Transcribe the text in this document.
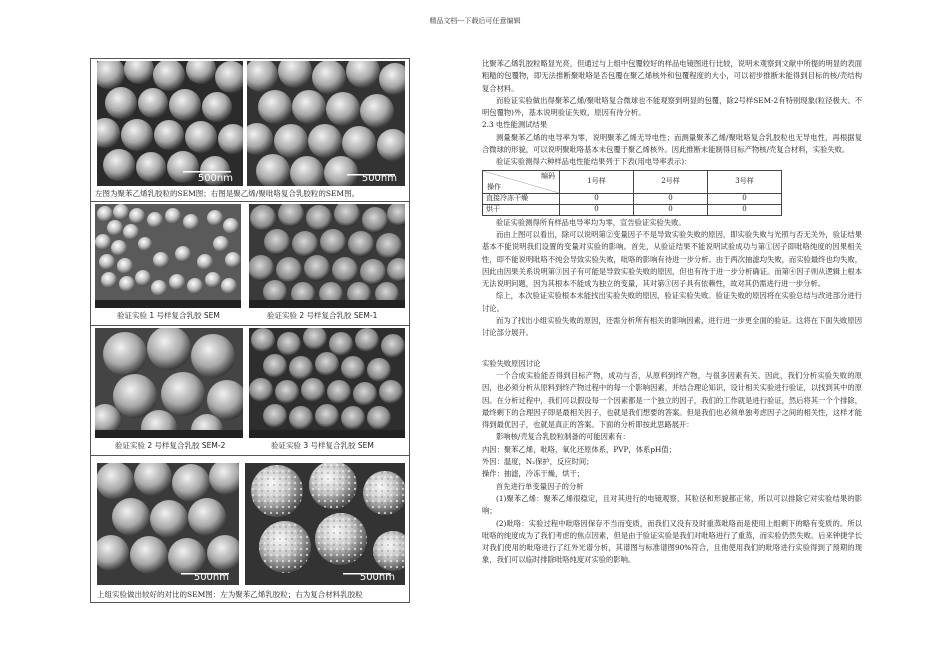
精品文档---下载后可任意编辑
500nm	500nm
左图为聚苯乙烯乳胶粒的SEM图；右图是聚乙烯/聚吡咯复合乳胶粒的SEM图。
验证实验 1 号样复合乳胶 SEM	验证实验 2 号样复合乳胶 SEM-1
验证实验 2 号样复合乳胶 SEM-2	验证实验 3 号样复合乳胶 SEM
500nm	500nm
上组实验做出较好的对比的SEM图：左为聚苯乙烯乳胶粒；右为复合材料乳胶粒

比聚苯乙烯乳胶粒略显光亮，但通过与上组中包覆较好的样品电镜图进行比较，说明未观察到文献中所提的明显的表面粗糙的包覆物，即无法推断聚吡咯是否包覆在聚乙烯核外和包覆程度的大小，可以初步推断未能得到目标的核/壳结构复合材料。

而验证实验做出得聚苯乙烯/聚吡咯复合微球也不能观察到明显的包覆，除2号样SEM-2有特别现象(粒径极大、不明包覆物)外，基本说明验证失败，原因有待分析。

2.3 电性能测试结果

测量聚苯乙烯的电导率为零，说明聚苯乙烯无导电性；而测量聚苯乙烯/聚吡咯复合乳胶粒也无导电性，再根据复合微球的形貌，可以说明聚吡咯基本未包覆于聚乙烯核外。因此推断未能制得目标产物核/壳复合材料，实验失败。

验证实验测得六种样品电性能结果列于下表(用电导率表示)：

编码
操作	1号样	2号样	3号样
直接冷冻干燥	0	0	0
烘干	0	0	0

验证实验测得所有样品电导率均为零，宣告验证实验失败。

而由上图可以看出，除可以说明第②变量因子不是导致实验失败的原因，即实验失败与光照与否无关外，验证结果基本不能说明我们设置的变量对实验的影响。首先，从验证结果不能说明试验成功与第①因子即吡咯纯度的因果相关性，即不能说明吡咯不纯会导致实验失败，吡咯的影响有待进一步分析。由于两次抽滤均失败，而实验最终也均失败，因此由因果关系说明第③因子有可能是导致实验失败的原因，但也有待于进一步分析确证。而第④因子则从逻辑上根本无法说明问题，因为其根本不能成为独立的变量，其对第③因子具有依赖性，故对其仍需进行进一步分析。

综上，本次验证实验根本未能找出实验失败的原因，验证实验失败。验证失败的原因将在实验总结与改进部分进行讨论。

而为了找出小组实验失败的原因，还需分析所有相关的影响因素，进行进一步更全面的验证。这将在下面失败原因讨论部分展开。

实验失败原因讨论

一个合成实验能否得到目标产物，成功与否，从原料到终产物，与很多因素有关。因此，我们分析实验失败的原因，也必须分析从原料到终产物过程中的每一个影响因素，并结合理论知识，设计相关实验进行验证，以找到其中的原因。在分析过程中，我们可以假设每一个因素都是一个独立的因子，我们的工作就是进行验证，然后将其一个个排除，最终剩下的合理因子即是最相关因子，也就是我们想要的答案。但是我们也必须单独考虑因子之间的相关性，这样才能得到最优因子，也就是真正的答案。下面的分析即按此思路展开：

影响核/壳复合乳胶粒制备的可能因素有：

内因：聚苯乙烯，吡咯，氧化还原体系，PVP，体系pH值；

外因：温度，N₂保护，反应时间；

操作：抽滤，冷冻干燥，烘干；

首先进行单变量因子的分析

(1)聚苯乙烯：聚苯乙烯很稳定，且对其进行的电镜观察，其粒径和形貌都正常，所以可以排除它对实验结果的影响；

(2)吡咯：实验过程中吡咯因保存不当而变质，而我们又没有及时重蒸吡咯而是使用上组剩下的略有变质的。所以吡咯的纯度成为了我们考虑的焦点因素，但是由于验证实验是我们对吡咯进行了重蒸，而实验仍然失败。后来钟捷学长对我们使用的吡咯进行了红外光谱分析，其谱图与标准谱图90%符合，且他使用我们的吡咯进行实验得到了预期的现象，我们可以临时排除吡咯纯度对实验的影响。
